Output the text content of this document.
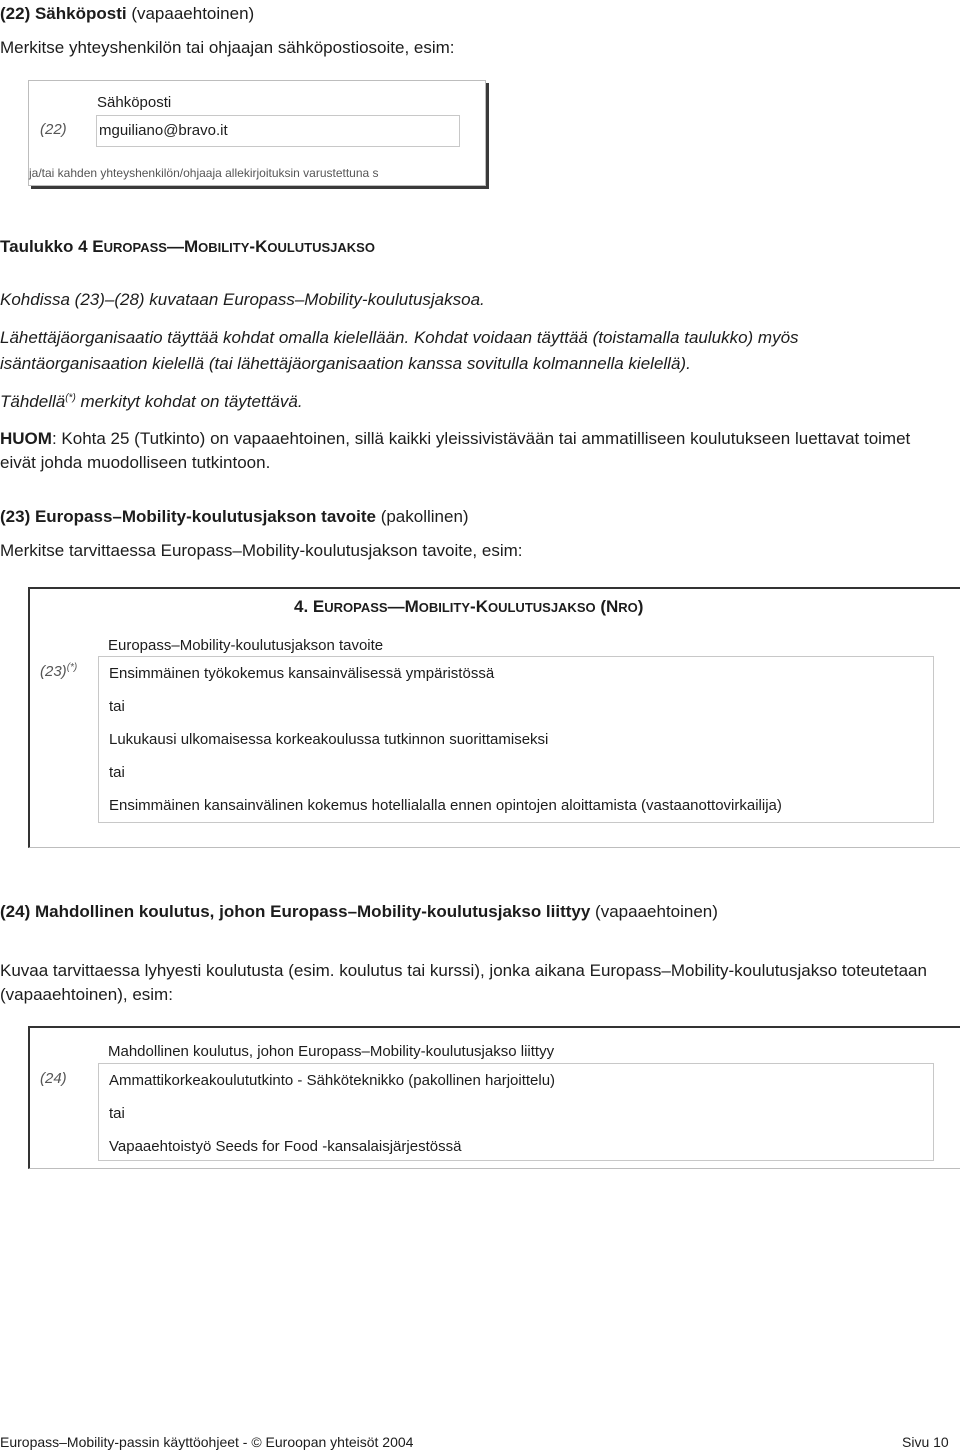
(22) Sähköposti (vapaaehtoinen)
Merkitse yhteyshenkilön tai ohjaajan sähköpostiosoite, esim:
(22)
Sähköposti
mguiliano@bravo.it
ja/tai kahden yhteyshenkilön/ohjaaja allekirjoituksin varustettuna s
Taulukko 4 EUROPASS—MOBILITY-KOULUTUSJAKSO
Kohdissa (23)–(28) kuvataan Europass–Mobility-koulutusjaksoa.
Lähettäjäorganisaatio täyttää kohdat omalla kielellään. Kohdat voidaan täyttää (toistamalla taulukko) myös
isäntäorganisaation kielellä (tai lähettäjäorganisaation kanssa sovitulla kolmannella kielellä).
Tähdellä(*) merkityt kohdat on täytettävä.
HUOM: Kohta 25 (Tutkinto) on vapaaehtoinen, sillä kaikki yleissivistävään tai ammatilliseen koulutukseen luettavat toimet
eivät johda muodolliseen tutkintoon.
(23) Europass–Mobility-koulutusjakson tavoite (pakollinen)
Merkitse tarvittaessa Europass–Mobility-koulutusjakson tavoite, esim:
4. EUROPASS—MOBILITY-KOULUTUSJAKSO (NRO)
(23)(*)
Europass–Mobility-koulutusjakson tavoite
Ensimmäinen työkokemus kansainvälisessä ympäristössä
tai
Lukukausi ulkomaisessa korkeakoulussa tutkinnon suorittamiseksi
tai
Ensimmäinen kansainvälinen kokemus hotellialalla ennen opintojen aloittamista (vastaanottovirkailija)
(24) Mahdollinen koulutus, johon Europass–Mobility-koulutusjakso liittyy (vapaaehtoinen)
Kuvaa tarvittaessa lyhyesti koulutusta (esim. koulutus tai kurssi), jonka aikana Europass–Mobility-koulutusjakso toteutetaan
(vapaaehtoinen), esim:
(24)
Mahdollinen koulutus, johon Europass–Mobility-koulutusjakso liittyy
Ammattikorkeakoulututkinto - Sähköteknikko (pakollinen harjoittelu)
tai
Vapaaehtoistyö Seeds for Food -kansalaisjärjestössä
Europass–Mobility-passin käyttöohjeet - © Euroopan yhteisöt 2004	Sivu 10
